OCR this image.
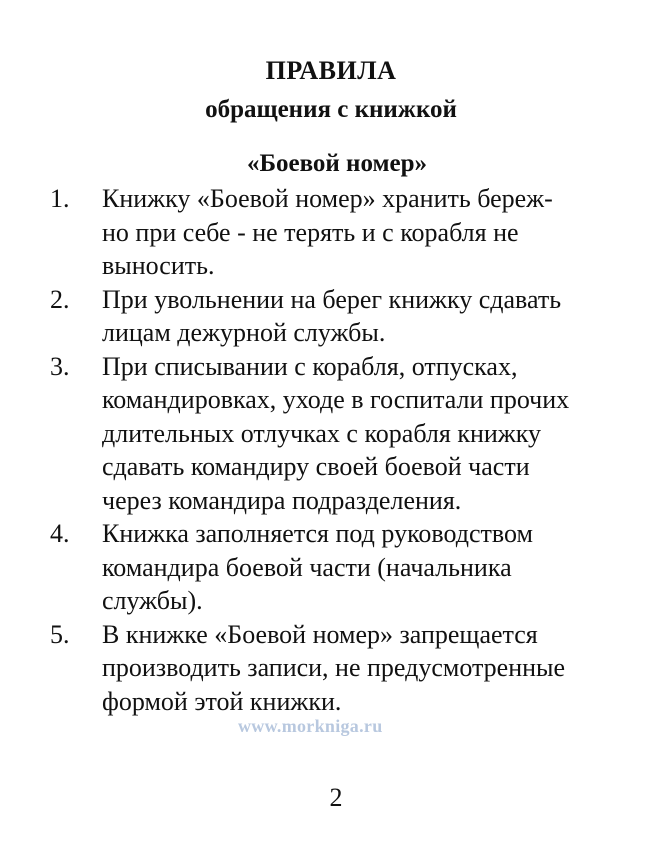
ПРАВИЛА
обращения с книжкой
«Боевой номер»
1. Книжку «Боевой номер» хранить береж-
но при себе - не терять и с корабля не
выносить.
2. При увольнении на берег книжку сдавать
лицам дежурной службы.
3. При списывании с корабля, отпусках,
командировках, уходе в госпитали прочих
длительных отлучках с корабля книжку
сдавать командиру своей боевой части
через командира подразделения.
4. Книжка заполняется под руководством
командира боевой части (начальника
службы).
5. В книжке «Боевой номер» запрещается
производить записи, не предусмотренные
формой этой книжки.
www.morkniga.ru
2
